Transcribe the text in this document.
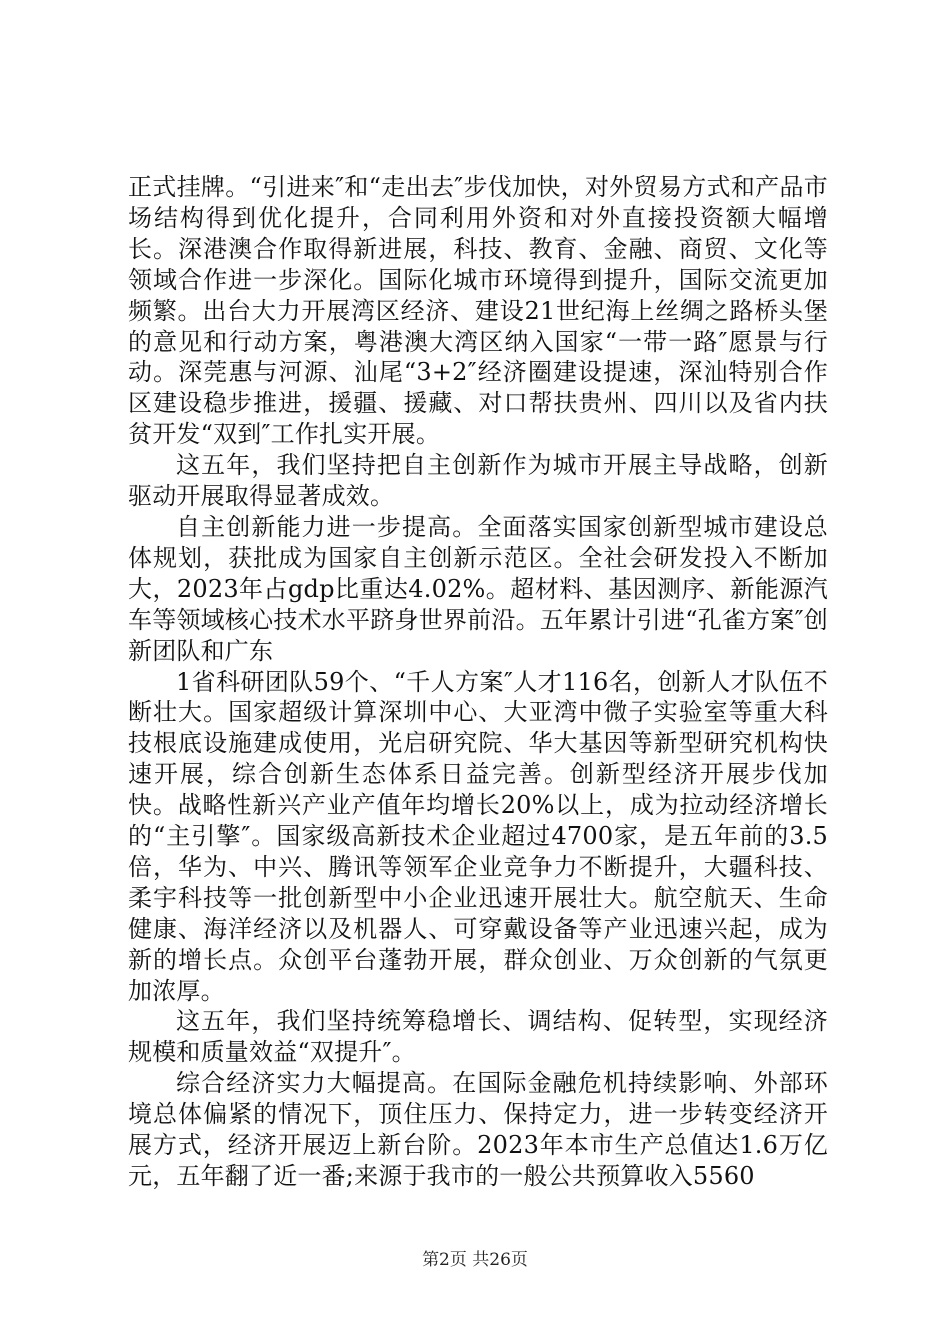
正式挂牌。“引进来″和“走出去″步伐加快，对外贸易方式和产品市场结构得到优化提升，合同利用外资和对外直接投资额大幅增长。深港澳合作取得新进展，科技、教育、金融、商贸、文化等领域合作进一步深化。国际化城市环境得到提升，国际交流更加频繁。出台大力开展湾区经济、建设21世纪海上丝绸之路桥头堡的意见和行动方案，粤港澳大湾区纳入国家“一带一路″愿景与行动。深莞惠与河源、汕尾“3+2″经济圈建设提速，深汕特别合作区建设稳步推进，援疆、援藏、对口帮扶贵州、四川以及省内扶贫开发“双到″工作扎实开展。

这五年，我们坚持把自主创新作为城市开展主导战略，创新驱动开展取得显著成效。

自主创新能力进一步提高。全面落实国家创新型城市建设总体规划，获批成为国家自主创新示范区。全社会研发投入不断加大，2023年占gdp比重达4.02%。超材料、基因测序、新能源汽车等领域核心技术水平跻身世界前沿。五年累计引进“孔雀方案″创新团队和广东

1省科研团队59个、“千人方案″人才116名，创新人才队伍不断壮大。国家超级计算深圳中心、大亚湾中微子实验室等重大科技根底设施建成使用，光启研究院、华大基因等新型研究机构快速开展，综合创新生态体系日益完善。创新型经济开展步伐加快。战略性新兴产业产值年均增长20%以上，成为拉动经济增长的“主引擎″。国家级高新技术企业超过4700家，是五年前的3.5倍，华为、中兴、腾讯等领军企业竞争力不断提升，大疆科技、柔宇科技等一批创新型中小企业迅速开展壮大。航空航天、生命健康、海洋经济以及机器人、可穿戴设备等产业迅速兴起，成为新的增长点。众创平台蓬勃开展，群众创业、万众创新的气氛更加浓厚。

这五年，我们坚持统筹稳增长、调结构、促转型，实现经济规模和质量效益“双提升″。

综合经济实力大幅提高。在国际金融危机持续影响、外部环境总体偏紧的情况下，顶住压力、保持定力，进一步转变经济开展方式，经济开展迈上新台阶。2023年本市生产总值达1.6万亿元，五年翻了近一番;来源于我市的一般公共预算收入5560

第2页 共26页
